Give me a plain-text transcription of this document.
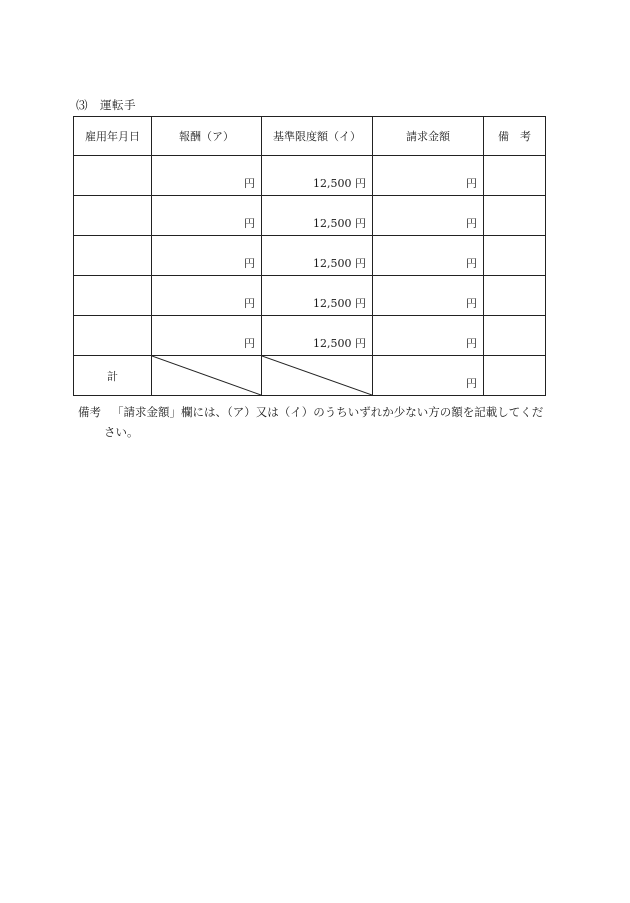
⑶ 運転手
雇用年月日	報酬（ア）	基準限度額（イ）	請求金額	備　考

	円	12,500 円	円	

	円	12,500 円	円	

	円	12,500 円	円	

	円	12,500 円	円	

	円	12,500 円	円	

計			円	

備考 「請求金額」欄には、（ア）又は（イ）のうちいずれか少ない方の額を記載してくだ
さい。
